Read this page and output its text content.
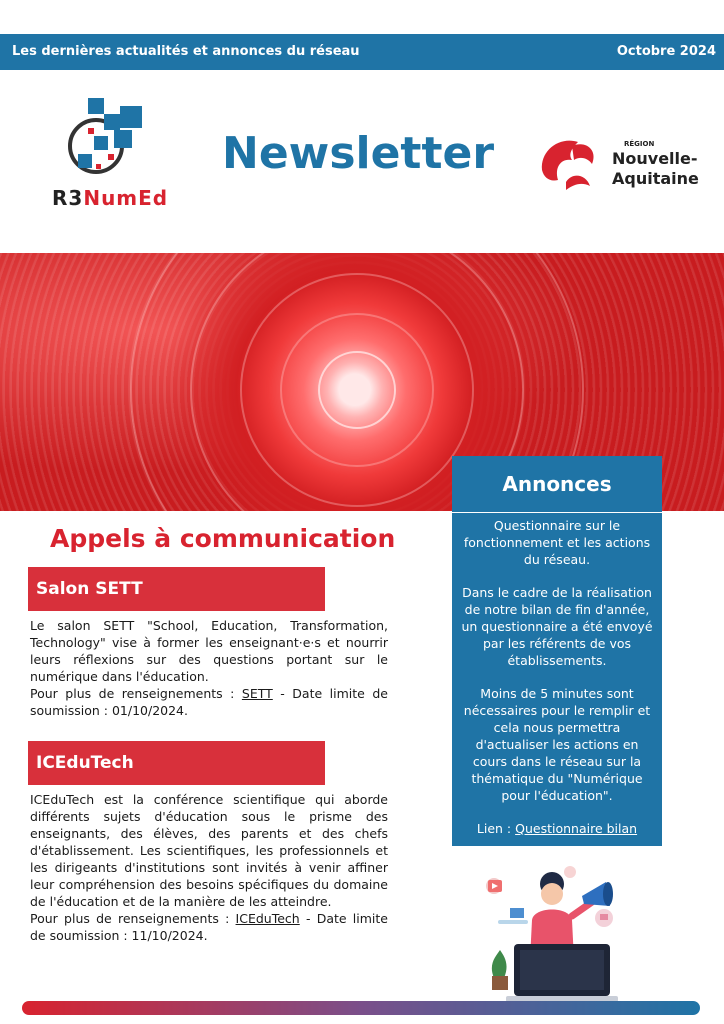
Les dernières actualités et annonces du réseau	Octobre 2024
R3NumEd
Newsletter	RÉGION
Nouvelle-
Aquitaine
Annonces

Questionnaire sur le fonctionnement et les actions du réseau.

Dans le cadre de la réalisation de notre bilan de fin d'année, un questionnaire a été envoyé par les référents de vos établissements.

Moins de 5 minutes sont nécessaires pour le remplir et cela nous permettra d'actualiser les actions en cours dans le réseau sur la thématique du "Numérique pour l'éducation".

Lien : Questionnaire bilan

Appels à communication
Salon SETT

Le salon SETT "School, Education, Transformation, Technology" vise à former les enseignant·e·s et nourrir leurs réflexions sur des questions portant sur le numérique dans l'éducation.

Pour plus de renseignements : SETT - Date limite de soumission : 01/10/2024.

ICEduTech

ICEduTech est la conférence scientifique qui aborde différents sujets d'éducation sous le prisme des enseignants, des élèves, des parents et des chefs d'établissement. Les scientifiques, les professionnels et les dirigeants d'institutions sont invités à venir affiner leur compréhension des besoins spécifiques du domaine de l'éducation et de la manière de les atteindre.

Pour plus de renseignements : ICEduTech - Date limite de soumission : 11/10/2024.
